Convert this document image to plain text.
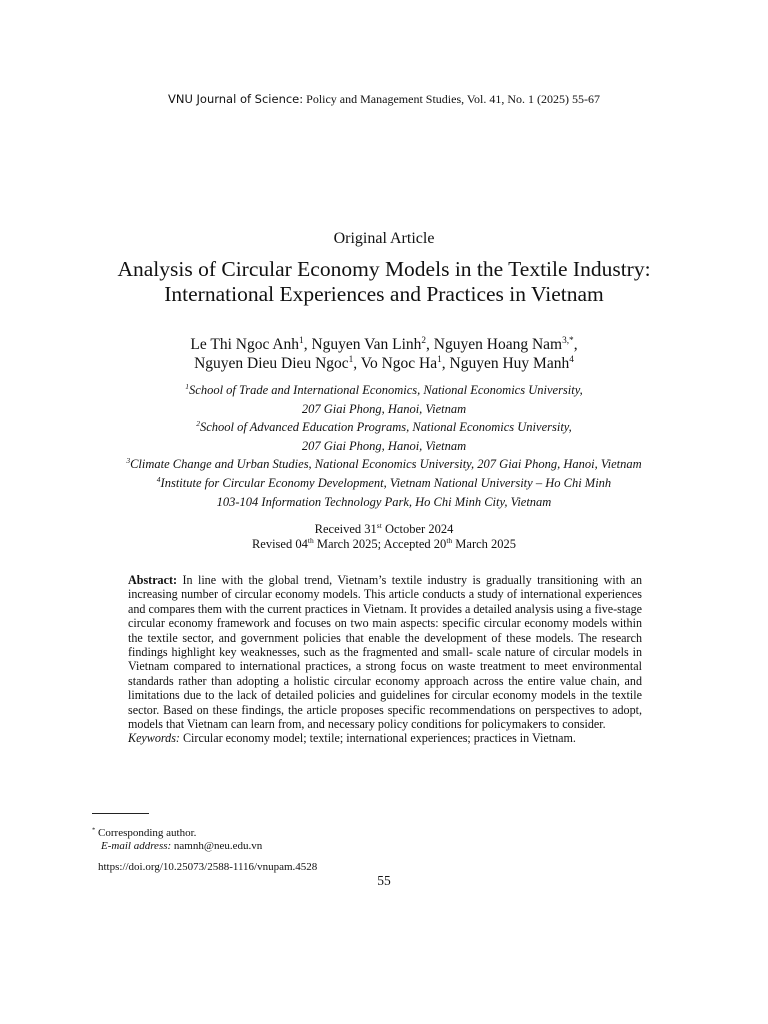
VNU Journal of Science: Policy and Management Studies, Vol. 41, No. 1 (2025) 55-67
Original Article
Analysis of Circular Economy Models in the Textile Industry:
International Experiences and Practices in Vietnam
Le Thi Ngoc Anh$^1$, Nguyen Van Linh$^2$, Nguyen Hoang Nam$^{3,*}$,
Nguyen Dieu Dieu Ngoc$^1$, Vo Ngoc Ha$^1$, Nguyen Huy Manh$^4$
$^1$School of Trade and International Economics, National Economics University,
207 Giai Phong, Hanoi, Vietnam
$^2$School of Advanced Education Programs, National Economics University,
207 Giai Phong, Hanoi, Vietnam
$^3$Climate Change and Urban Studies, National Economics University, 207 Giai Phong, Hanoi, Vietnam
$^4$Institute for Circular Economy Development, Vietnam National University – Ho Chi Minh
103-104 Information Technology Park, Ho Chi Minh City, Vietnam
Received 31st October 2024
Revised 04th March 2025; Accepted 20th March 2025
Abstract: In line with the global trend, Vietnam’s textile industry is gradually transitioning with an increasing number of circular economy models. This article conducts a study of international experiences and compares them with the current practices in Vietnam. It provides a detailed analysis using a five-stage circular economy framework and focuses on two main aspects: specific circular economy models within the textile sector, and government policies that enable the development of these models. The research findings highlight key weaknesses, such as the fragmented and small- scale nature of circular models in Vietnam compared to international practices, a strong focus on waste treatment to meet environmental standards rather than adopting a holistic circular economy approach across the entire value chain, and limitations due to the lack of detailed policies and guidelines for circular economy models in the textile sector. Based on these findings, the article proposes specific recommendations on perspectives to adopt, models that Vietnam can learn from, and necessary policy conditions for policymakers to consider.
Keywords: Circular economy model; textile; international experiences; practices in Vietnam.
* Corresponding author.
E-mail address: namnh@neu.edu.vn
https://doi.org/10.25073/2588-1116/vnupam.4528
55
